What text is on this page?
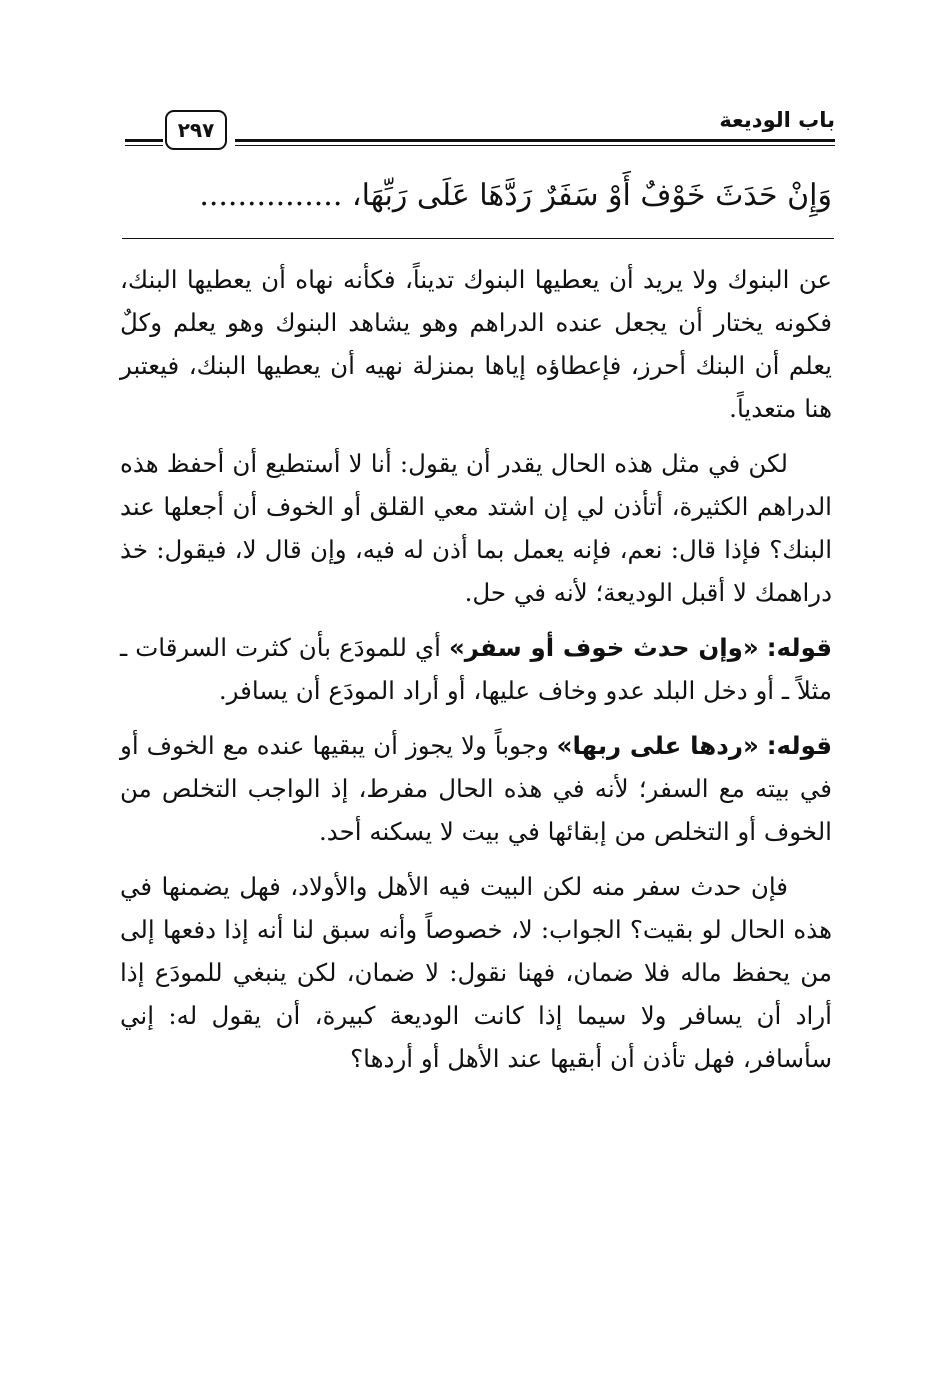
باب الوديعة
٢٩٧
وَإِنْ حَدَثَ خَوْفٌ أَوْ سَفَرٌ رَدَّهَا عَلَى رَبِّهَا، ...............

عن البنوك ولا يريد أن يعطيها البنوك تديناً، فكأنه نهاه أن يعطيها البنك، فكونه يختار أن يجعل عنده الدراهم وهو يشاهد البنوك وهو يعلم وكلٌ يعلم أن البنك أحرز، فإعطاؤه إياها بمنزلة نهيه أن يعطيها البنك، فيعتبر هنا متعدياً.

لكن في مثل هذه الحال يقدر أن يقول: أنا لا أستطيع أن أحفظ هذه الدراهم الكثيرة، أتأذن لي إن اشتد معي القلق أو الخوف أن أجعلها عند البنك؟ فإذا قال: نعم، فإنه يعمل بما أذن له فيه، وإن قال لا، فيقول: خذ دراهمك لا أقبل الوديعة؛ لأنه في حل.

قوله: «وإن حدث خوف أو سفر» أي للمودَع بأن كثرت السرقات ـ مثلاً ـ أو دخل البلد عدو وخاف عليها، أو أراد المودَع أن يسافر.

قوله: «ردها على ربها» وجوباً ولا يجوز أن يبقيها عنده مع الخوف أو في بيته مع السفر؛ لأنه في هذه الحال مفرط، إذ الواجب التخلص من الخوف أو التخلص من إبقائها في بيت لا يسكنه أحد.

فإن حدث سفر منه لكن البيت فيه الأهل والأولاد، فهل يضمنها في هذه الحال لو بقيت؟ الجواب: لا، خصوصاً وأنه سبق لنا أنه إذا دفعها إلى من يحفظ ماله فلا ضمان، فهنا نقول: لا ضمان، لكن ينبغي للمودَع إذا أراد أن يسافر ولا سيما إذا كانت الوديعة كبيرة، أن يقول له: إني سأسافر، فهل تأذن أن أبقيها عند الأهل أو أردها؟
